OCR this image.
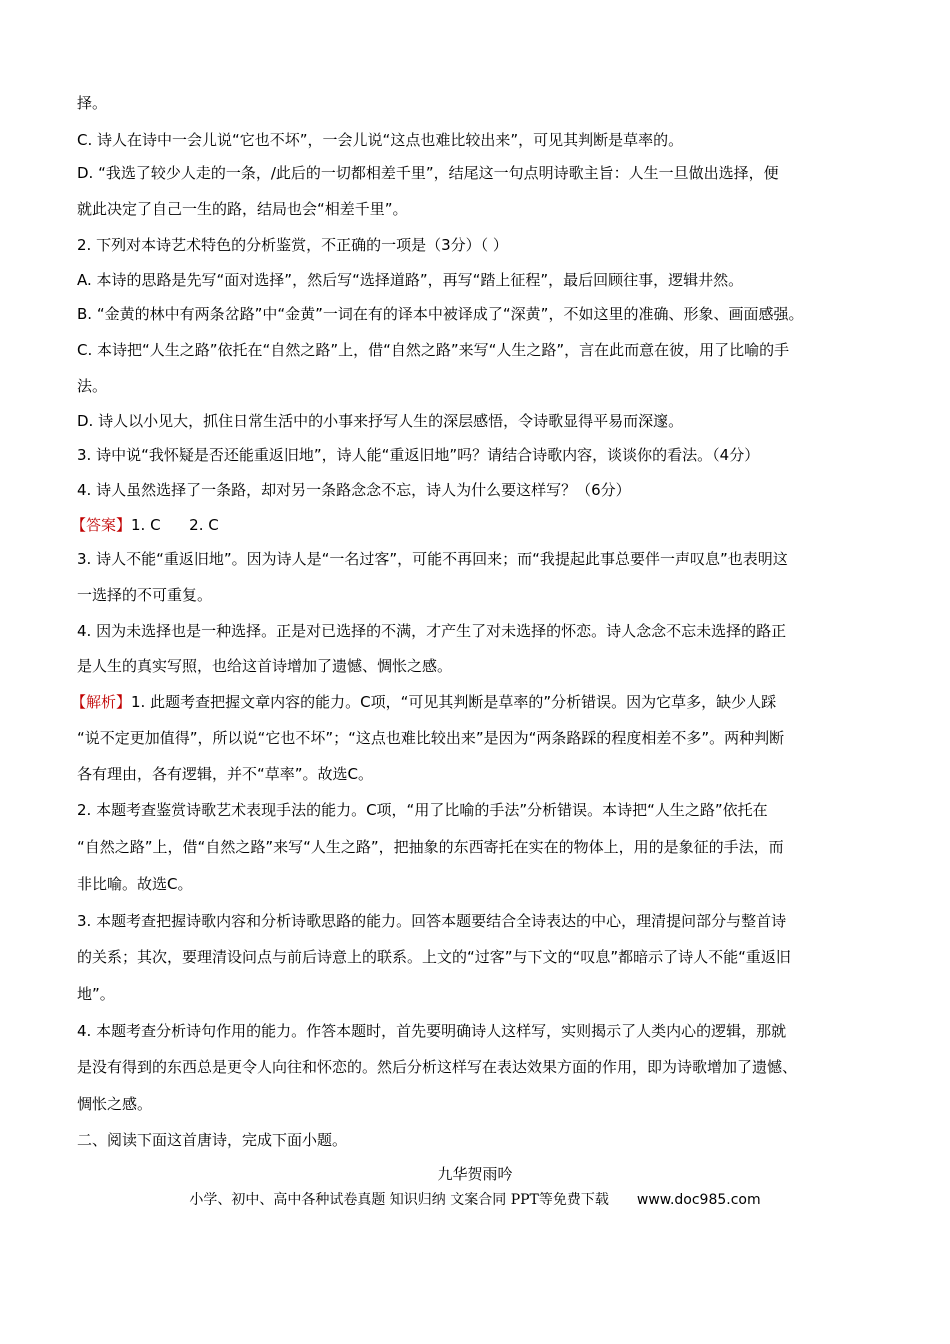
择。
C. 诗人在诗中一会儿说“它也不坏”，一会儿说“这点也难比较出来”，可见其判断是草率的。
D. “我选了较少人走的一条，/此后的一切都相差千里”，结尾这一句点明诗歌主旨：人生一旦做出选择，便
就此决定了自己一生的路，结局也会“相差千里”。
2. 下列对本诗艺术特色的分析鉴赏，不正确的一项是（3分）（ ）
A. 本诗的思路是先写“面对选择”，然后写“选择道路”，再写“踏上征程”，最后回顾往事，逻辑井然。
B. “金黄的林中有两条岔路”中“金黄”一词在有的译本中被译成了“深黄”，不如这里的准确、形象、画面感强。
C. 本诗把“人生之路”依托在“自然之路”上，借“自然之路”来写“人生之路”，言在此而意在彼，用了比喻的手
法。
D. 诗人以小见大，抓住日常生活中的小事来抒写人生的深层感悟，令诗歌显得平易而深邃。
3. 诗中说“我怀疑是否还能重返旧地”，诗人能“重返旧地”吗？请结合诗歌内容，谈谈你的看法。（4分）
4. 诗人虽然选择了一条路，却对另一条路念念不忘，诗人为什么要这样写？（6分）
【答案】1. C      2. C
3. 诗人不能“重返旧地”。因为诗人是“一名过客”，可能不再回来；而“我提起此事总要伴一声叹息”也表明这
一选择的不可重复。
4. 因为未选择也是一种选择。正是对已选择的不满，才产生了对未选择的怀恋。诗人念念不忘未选择的路正
是人生的真实写照，也给这首诗增加了遗憾、惆怅之感。
【解析】1. 此题考查把握文章内容的能力。C项，“可见其判断是草率的”分析错误。因为它草多，缺少人踩
“说不定更加值得”，所以说“它也不坏”；“这点也难比较出来”是因为“两条路踩的程度相差不多”。两种判断
各有理由，各有逻辑，并不“草率”。故选C。
2. 本题考查鉴赏诗歌艺术表现手法的能力。C项，“用了比喻的手法”分析错误。本诗把“人生之路”依托在
“自然之路”上，借“自然之路”来写“人生之路”，把抽象的东西寄托在实在的物体上，用的是象征的手法，而
非比喻。故选C。
3. 本题考查把握诗歌内容和分析诗歌思路的能力。回答本题要结合全诗表达的中心，理清提问部分与整首诗
的关系；其次，要理清设问点与前后诗意上的联系。上文的“过客”与下文的“叹息”都暗示了诗人不能“重返旧
地”。
4. 本题考查分析诗句作用的能力。作答本题时，首先要明确诗人这样写，实则揭示了人类内心的逻辑，那就
是没有得到的东西总是更令人向往和怀恋的。然后分析这样写在表达效果方面的作用，即为诗歌增加了遗憾、
惆怅之感。
二、阅读下面这首唐诗，完成下面小题。
九华贺雨吟
小学、初中、高中各种试卷真题 知识归纳 文案合同 PPT等免费下载 www.doc985.com
